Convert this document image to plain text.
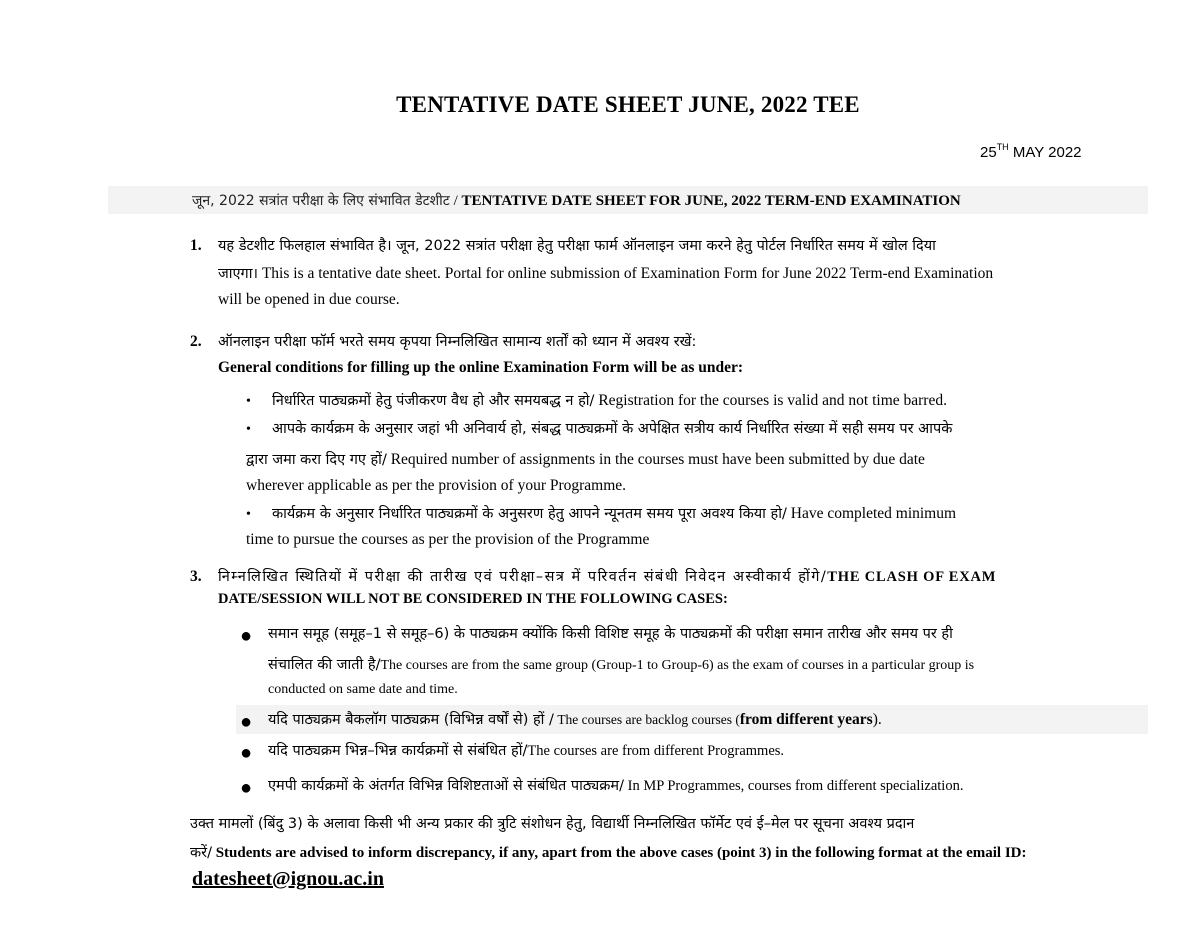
TENTATIVE DATE SHEET JUNE, 2022 TEE
25TH MAY 2022
जून, 2022 सत्रांत परीक्षा के लिए संभावित डेटशीट / TENTATIVE DATE SHEET FOR JUNE, 2022 TERM-END EXAMINATION
1. यह डेटशीट फिलहाल संभावित है। जून, 2022 सत्रांत परीक्षा हेतु परीक्षा फार्म ऑनलाइन जमा करने हेतु पोर्टल निर्धारित समय में खोल दिया
जाएगा। This is a tentative date sheet. Portal for online submission of Examination Form for June 2022 Term-end Examination
will be opened in due course.
2. ऑनलाइन परीक्षा फॉर्म भरते समय कृपया निम्नलिखित सामान्य शर्तों को ध्यान में अवश्य रखें:
General conditions for filling up the online Examination Form will be as under:
• निर्धारित पाठ्यक्रमों हेतु पंजीकरण वैध हो और समयबद्ध न हो/ Registration for the courses is valid and not time barred.
• आपके कार्यक्रम के अनुसार जहां भी अनिवार्य हो, संबद्ध पाठ्यक्रमों के अपेक्षित सत्रीय कार्य निर्धारित संख्या में सही समय पर आपके
द्वारा जमा करा दिए गए हों/ Required number of assignments in the courses must have been submitted by due date
wherever applicable as per the provision of your Programme.
• कार्यक्रम के अनुसार निर्धारित पाठ्यक्रमों के अनुसरण हेतु आपने न्यूनतम समय पूरा अवश्य किया हो/ Have completed minimum
time to pursue the courses as per the provision of the Programme
3. निम्नलिखित स्थितियों में परीक्षा की तारीख एवं परीक्षा–सत्र में परिवर्तन संबंधी निवेदन अस्वीकार्य होंगे/THE CLASH OF EXAM
DATE/SESSION WILL NOT BE CONSIDERED IN THE FOLLOWING CASES:
● समान समूह (समूह–1 से समूह–6) के पाठ्यक्रम क्योंकि किसी विशिष्ट समूह के पाठ्यक्रमों की परीक्षा समान तारीख और समय पर ही
संचालित की जाती है/The courses are from the same group (Group-1 to Group-6) as the exam of courses in a particular group is
conducted on same date and time.
● यदि पाठ्यक्रम बैकलॉग पाठ्यक्रम (विभिन्न वर्षों से) हों / The courses are backlog courses (from different years).
● यदि पाठ्यक्रम भिन्न–भिन्न कार्यक्रमों से संबंधित हों/The courses are from different Programmes.
● एमपी कार्यक्रमों के अंतर्गत विभिन्न विशिष्टताओं से संबंधित पाठ्यक्रम/ In MP Programmes, courses from different specialization.
उक्त मामलों (बिंदु 3) के अलावा किसी भी अन्य प्रकार की त्रुटि संशोधन हेतु, विद्यार्थी निम्नलिखित फॉर्मेट एवं ई–मेल पर सूचना अवश्य प्रदान
करें/ Students are advised to inform discrepancy, if any, apart from the above cases (point 3) in the following format at the email ID:
datesheet@ignou.ac.in
